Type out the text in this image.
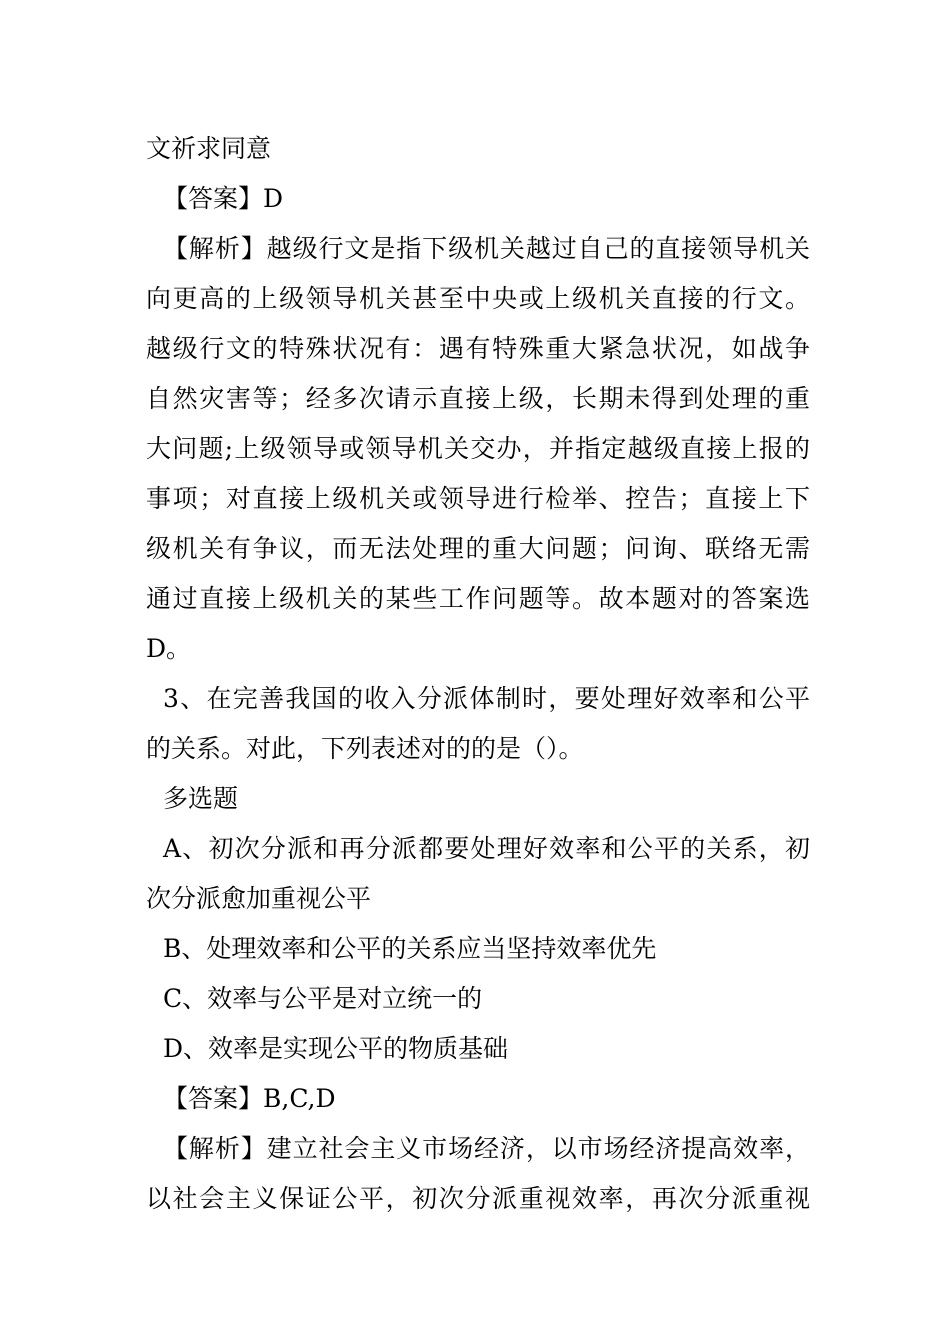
文祈求同意
【答案】D
【解析】越级行文是指下级机关越过自己的直接领导机关
向更高的上级领导机关甚至中央或上级机关直接的行文。
越级行文的特殊状况有：遇有特殊重大紧急状况，如战争
自然灾害等；经多次请示直接上级，长期未得到处理的重
大问题;上级领导或领导机关交办，并指定越级直接上报的
事项；对直接上级机关或领导进行检举、控告；直接上下
级机关有争议，而无法处理的重大问题；问询、联络无需
通过直接上级机关的某些工作问题等。故本题对的答案选
D。
3、在完善我国的收入分派体制时，要处理好效率和公平
的关系。对此，下列表述对的的是（）。
多选题
A、初次分派和再分派都要处理好效率和公平的关系，初
次分派愈加重视公平
B、处理效率和公平的关系应当坚持效率优先
C、效率与公平是对立统一的
D、效率是实现公平的物质基础
【答案】B,C,D
【解析】建立社会主义市场经济，以市场经济提高效率，
以社会主义保证公平，初次分派重视效率，再次分派重视
